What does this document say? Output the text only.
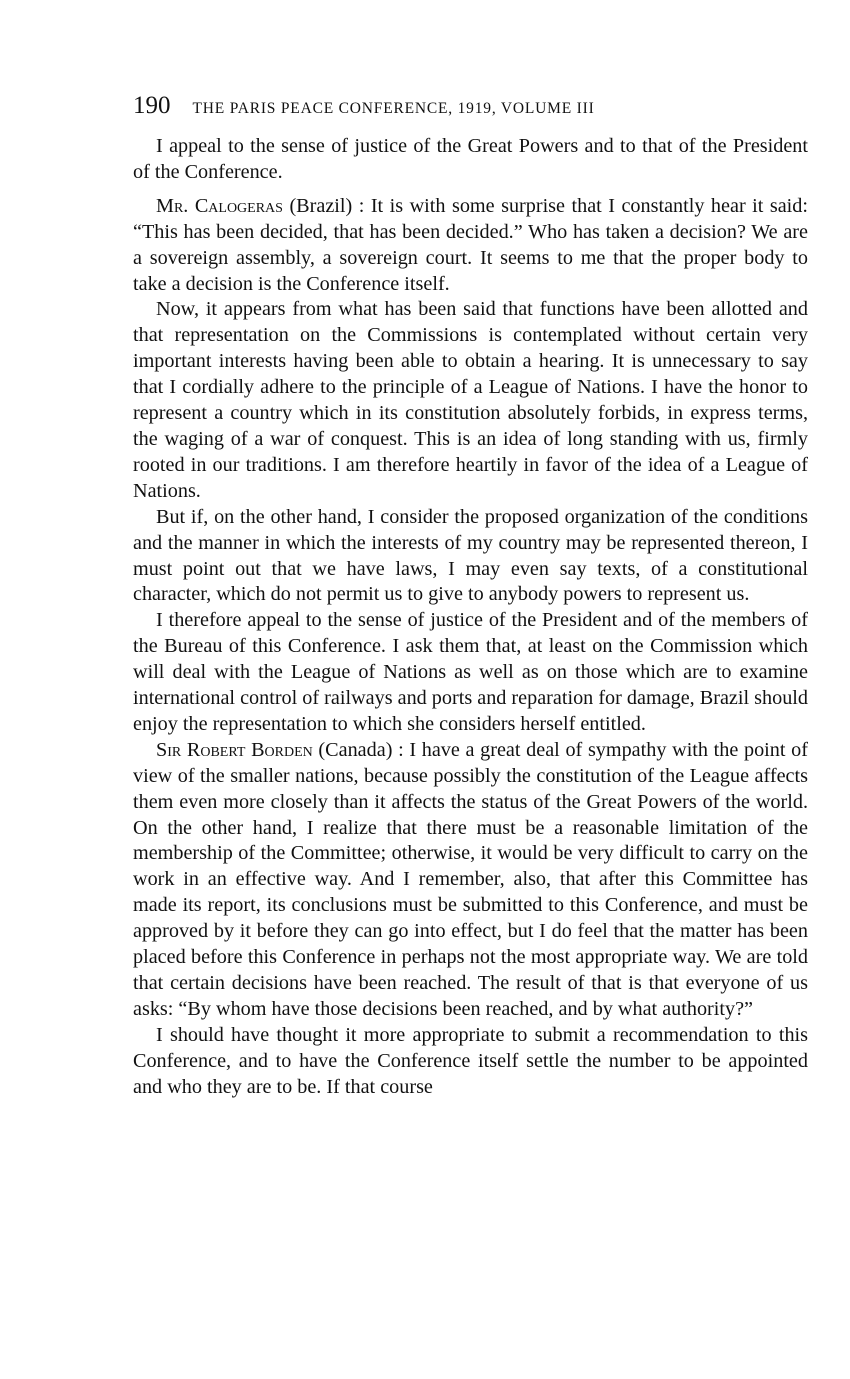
190 THE PARIS PEACE CONFERENCE, 1919, VOLUME III

I appeal to the sense of justice of the Great Powers and to that of the President of the Conference.

Mr. Calogeras (Brazil) : It is with some surprise that I constantly hear it said: “This has been decided, that has been decided.” Who has taken a decision? We are a sovereign assembly, a sovereign court. It seems to me that the proper body to take a decision is the Conference itself.

Now, it appears from what has been said that functions have been allotted and that representation on the Commissions is contemplated without certain very important interests having been able to obtain a hearing. It is unnecessary to say that I cordially adhere to the principle of a League of Nations. I have the honor to represent a country which in its constitution absolutely forbids, in express terms, the waging of a war of conquest. This is an idea of long standing with us, firmly rooted in our traditions. I am therefore heartily in favor of the idea of a League of Nations.

But if, on the other hand, I consider the proposed organization of the conditions and the manner in which the interests of my country may be represented thereon, I must point out that we have laws, I may even say texts, of a constitutional character, which do not permit us to give to anybody powers to represent us.

I therefore appeal to the sense of justice of the President and of the members of the Bureau of this Conference. I ask them that, at least on the Commission which will deal with the League of Nations as well as on those which are to examine international control of railways and ports and reparation for damage, Brazil should enjoy the representation to which she considers herself entitled.

Sir Robert Borden (Canada) : I have a great deal of sympathy with the point of view of the smaller nations, because possibly the constitution of the League affects them even more closely than it affects the status of the Great Powers of the world. On the other hand, I realize that there must be a reasonable limitation of the membership of the Committee; otherwise, it would be very difficult to carry on the work in an effective way. And I remember, also, that after this Committee has made its report, its conclusions must be submitted to this Conference, and must be approved by it before they can go into effect, but I do feel that the matter has been placed before this Conference in perhaps not the most appropriate way. We are told that certain decisions have been reached. The result of that is that everyone of us asks: “By whom have those decisions been reached, and by what authority?”

I should have thought it more appropriate to submit a recommendation to this Conference, and to have the Conference itself settle the number to be appointed and who they are to be. If that course
